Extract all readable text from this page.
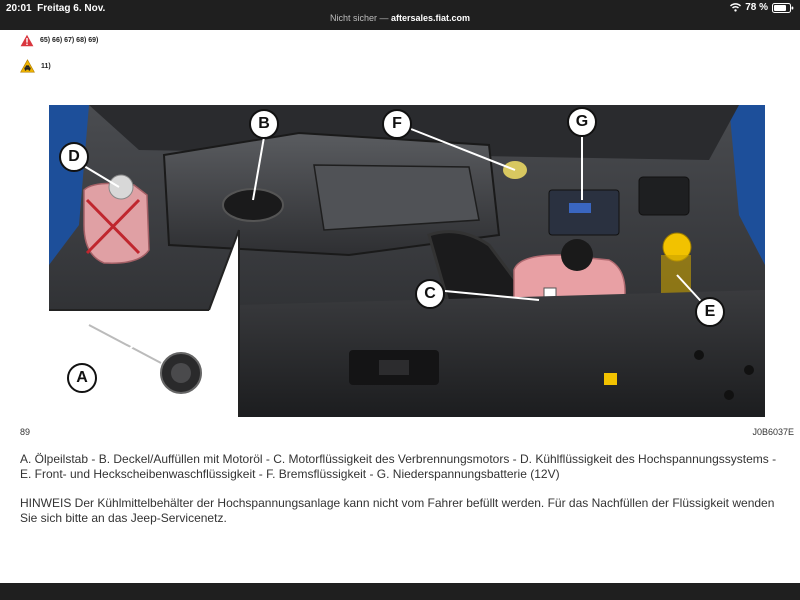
20:01 Freitag 6. Nov.	78 %
Nicht sicher — aftersales.fiat.com
65) 66) 67) 68) 69)
11)
A
B
C
D
E
F	G
89	J0B6037E
A. Ölpeilstab - B. Deckel/Auffüllen mit Motoröl - C. Motorflüssigkeit des Verbrennungsmotors - D. Kühlflüssigkeit des Hochspannungssystems - E. Front- und Heckscheibenwaschflüssigkeit - F. Bremsflüssigkeit - G. Niederspannungsbatterie (12V)
HINWEIS Der Kühlmittelbehälter der Hochspannungsanlage kann nicht vom Fahrer befüllt werden. Für das Nachfüllen der Flüssigkeit wenden Sie sich bitte an das Jeep-Servicenetz.
